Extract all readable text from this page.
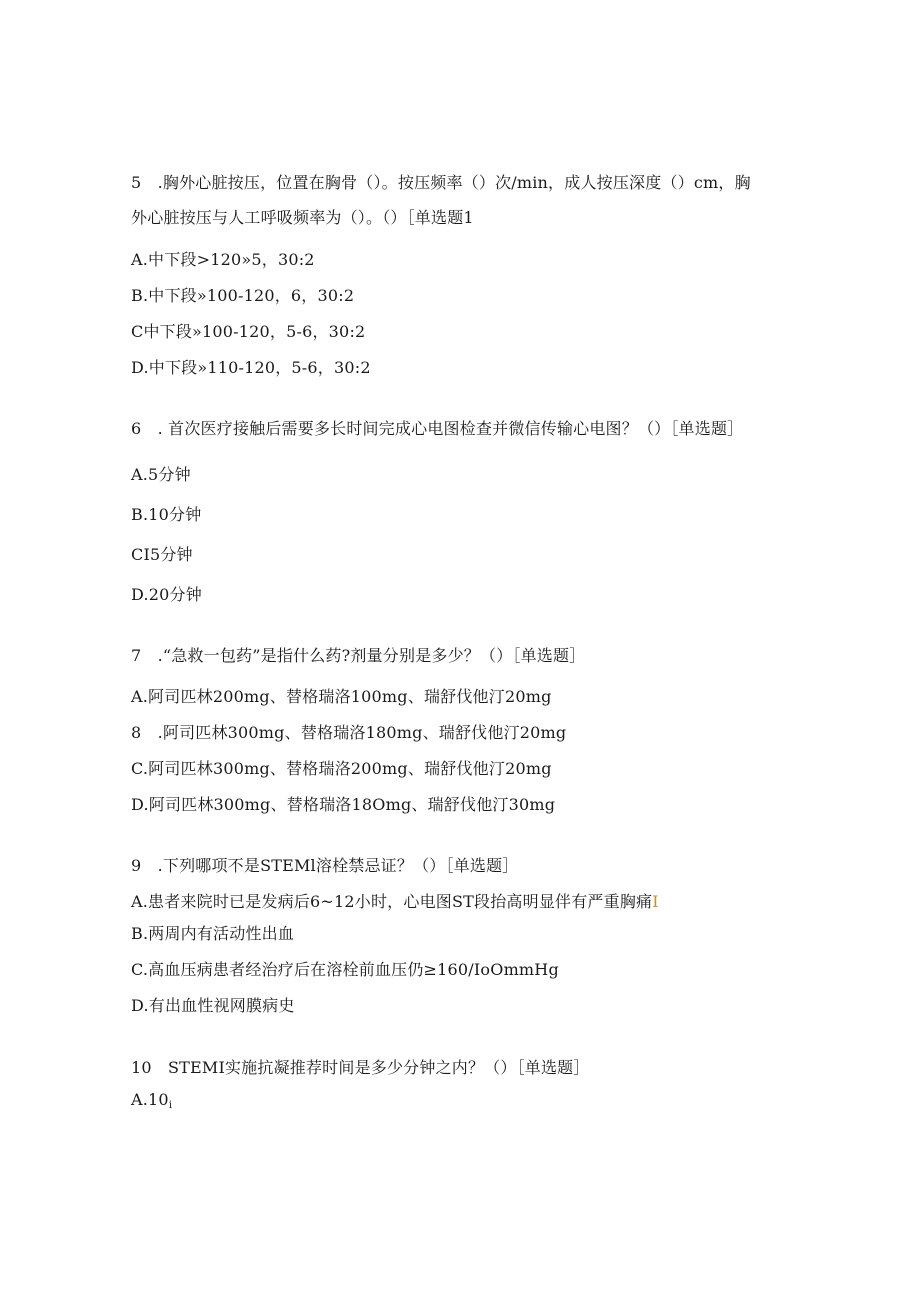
5　.胸外心脏按压，位置在胸骨（）。按压频率（）次/min，成人按压深度（）cm，胸
外心脏按压与人工呼吸频率为（）。（）［单选题1
A.中下段>120»5，30:2
B.中下段»100-120，6，30:2
C中下段»100-120，5-6，30:2
D.中下段»110-120，5-6，30:2
6　. 首次医疗接触后需要多长时间完成心电图检查并微信传输心电图？（）［单选题］
A.5分钟
B.10分钟
CI5分钟
D.20分钟
7　.“急救一包药”是指什么药?剂量分别是多少？（）［单选题］
A.阿司匹林200mg、替格瑞洛100mg、瑞舒伐他汀20mg
8　.阿司匹林300mg、替格瑞洛180mg、瑞舒伐他汀20mg
C.阿司匹林300mg、替格瑞洛200mg、瑞舒伐他汀20mg
D.阿司匹林300mg、替格瑞洛18Omg、瑞舒伐他汀30mg
9　.下列哪项不是STEMl溶栓禁忌证？（）［单选题］
A.患者来院时已是发病后6~12小时，心电图ST段抬高明显伴有严重胸痛I
B.两周内有活动性出血
C.高血压病患者经治疗后在溶栓前血压仍≥160/IoOmmHg
D.有出血性视网膜病史
10　STEMI实施抗凝推荐时间是多少分钟之内？（）［单选题］
A.10i
